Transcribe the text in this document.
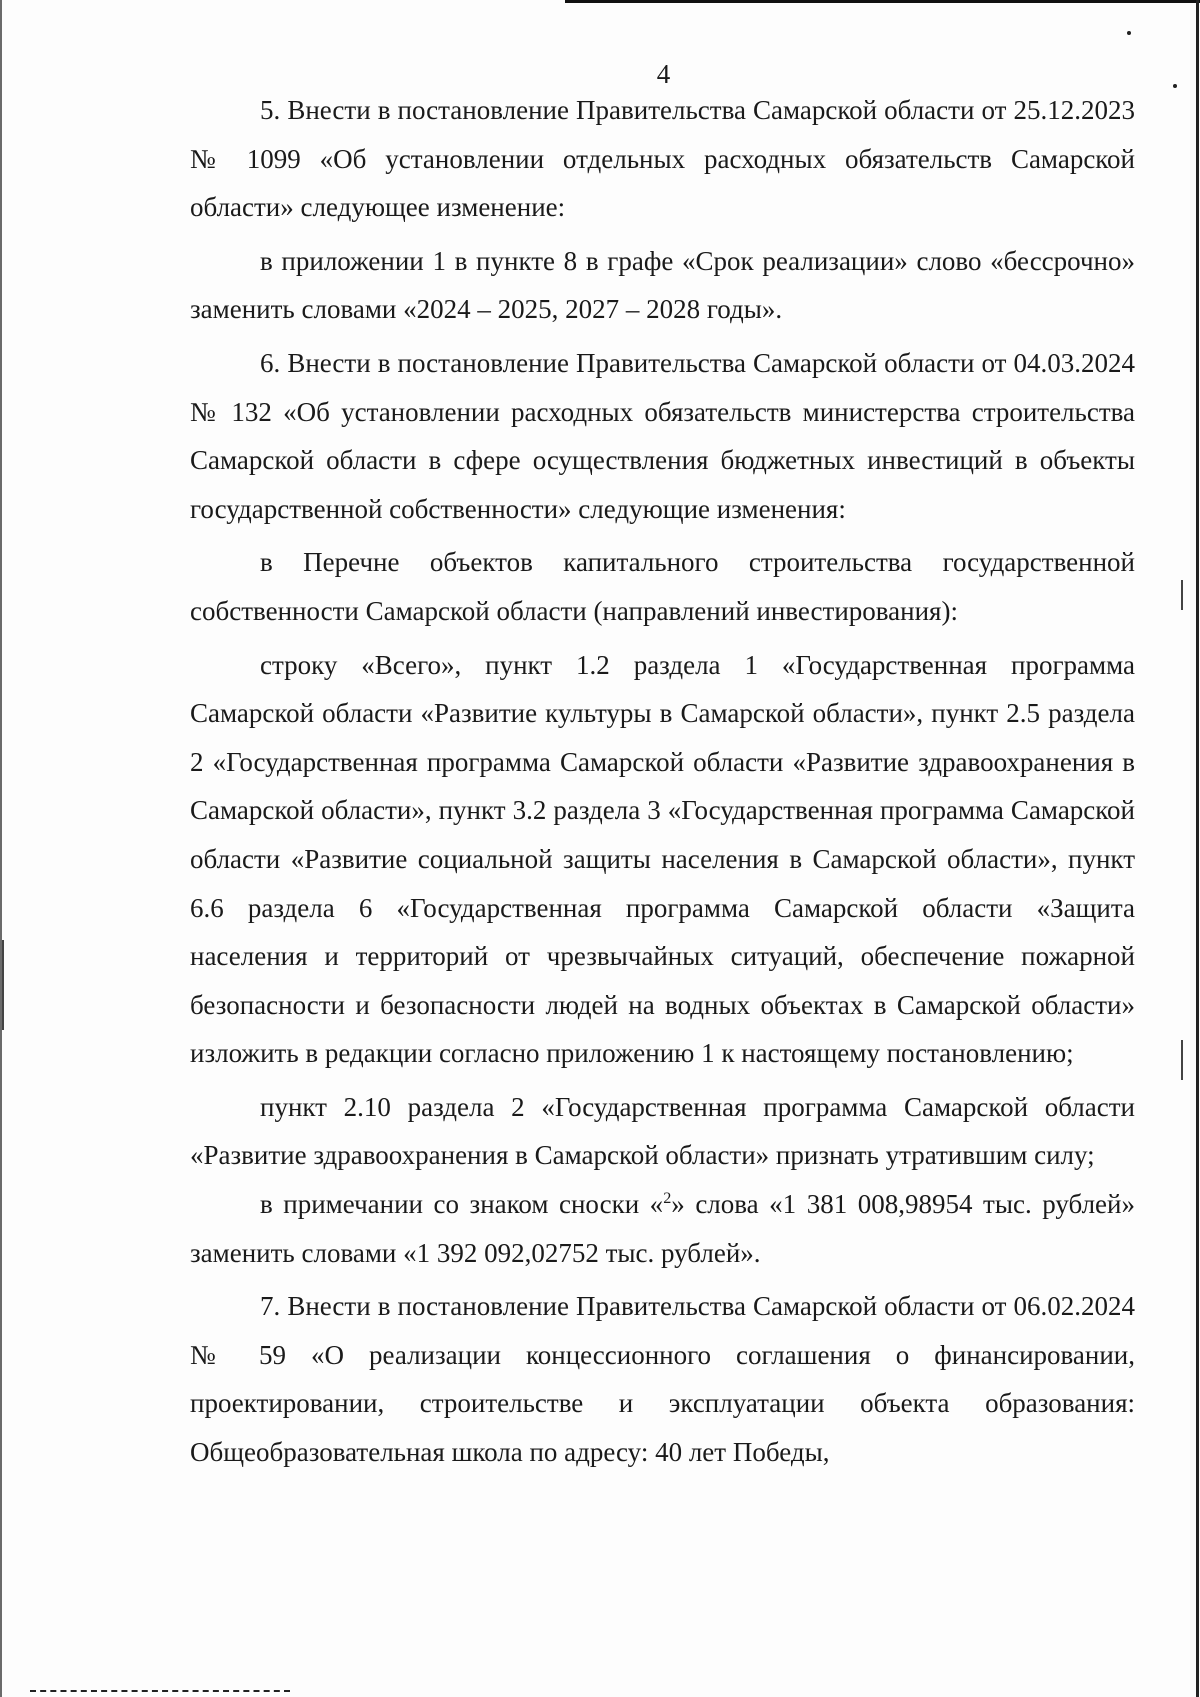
4

5. Внести в постановление Правительства Самарской области от 25.12.2023 № 1099 «Об установлении отдельных расходных обязательств Самарской области» следующее изменение:

в приложении 1 в пункте 8 в графе «Срок реализации» слово «бессрочно» заменить словами «2024 – 2025, 2027 – 2028 годы».

6. Внести в постановление Правительства Самарской области от 04.03.2024 № 132 «Об установлении расходных обязательств министерства строительства Самарской области в сфере осуществления бюджетных инвестиций в объекты государственной собственности» следующие изменения:

в Перечне объектов капитального строительства государственной собственности Самарской области (направлений инвестирования):

строку «Всего», пункт 1.2 раздела 1 «Государственная программа Самарской области «Развитие культуры в Самарской области», пункт 2.5 раздела 2 «Государственная программа Самарской области «Развитие здравоохранения в Самарской области», пункт 3.2 раздела 3 «Государственная программа Самарской области «Развитие социальной защиты населения в Самарской области», пункт 6.6 раздела 6 «Государственная программа Самарской области «Защита населения и территорий от чрезвычайных ситуаций, обеспечение пожарной безопасности и безопасности людей на водных объектах в Самарской области» изложить в редакции согласно приложению 1 к настоящему постановлению;

пункт 2.10 раздела 2 «Государственная программа Самарской области «Развитие здравоохранения в Самарской области» признать утратившим силу;

в примечании со знаком сноски «$^2$» слова «1 381 008,98954 тыс. рублей» заменить словами «1 392 092,02752 тыс. рублей».

7. Внести в постановление Правительства Самарской области от 06.02.2024 № 59 «О реализации концессионного соглашения о финансировании, проектировании, строительстве и эксплуатации объекта образования: Общеобразовательная школа по адресу: 40 лет Победы,
